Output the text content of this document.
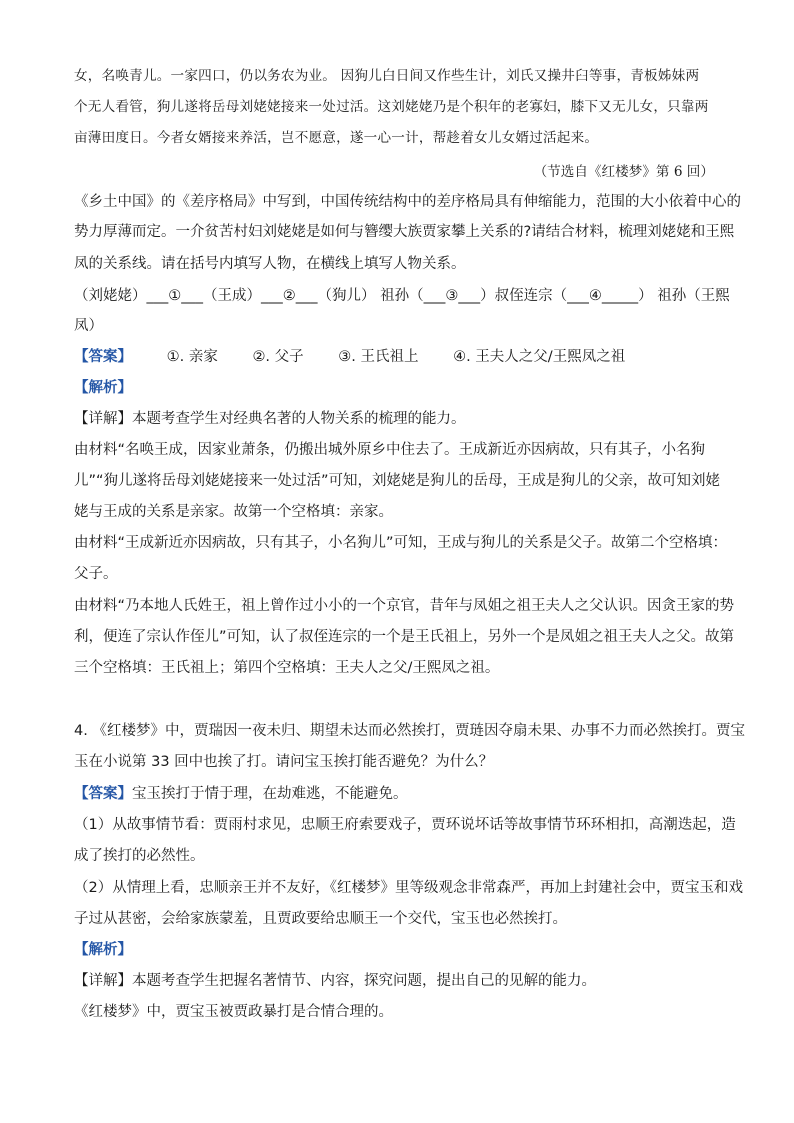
女，名唤青儿。一家四口，仍以务农为业。 因狗儿白日间又作些生计，刘氏又操井臼等事，青板姊妹两
个无人看管，狗儿遂将岳母刘姥姥接来一处过活。这刘姥姥乃是个积年的老寡妇，膝下又无儿女，只靠两
亩薄田度日。今者女婿接来养活，岂不愿意，遂一心一计，帮趁着女儿女婿过活起来。
（节选自《红楼梦》第 6 回）
《乡土中国》的《差序格局》中写到，中国传统结构中的差序格局具有伸缩能力，范围的大小依着中心的
势力厚薄而定。一介贫苦村妇刘姥姥是如何与簪缨大族贾家攀上关系的?请结合材料，梳理刘姥姥和王熙
凤的关系线。请在括号内填写人物，在横线上填写人物关系。
（刘姥姥）___①___（王成）___②___（狗儿） 祖孙（___③___）叔侄连宗（___④_____） 祖孙（王熙
凤）
【答案】 ①. 亲家 ②. 父子 ③. 王氏祖上 ④. 王夫人之父/王熙凤之祖
【解析】
【详解】本题考查学生对经典名著的人物关系的梳理的能力。
由材料“名唤王成，因家业萧条，仍搬出城外原乡中住去了。王成新近亦因病故，只有其子，小名狗
儿”“狗儿遂将岳母刘姥姥接来一处过活”可知，刘姥姥是狗儿的岳母，王成是狗儿的父亲，故可知刘姥
姥与王成的关系是亲家。故第一个空格填：亲家。
由材料“王成新近亦因病故，只有其子，小名狗儿”可知，王成与狗儿的关系是父子。故第二个空格填：
父子。
由材料“乃本地人氏姓王，祖上曾作过小小的一个京官，昔年与凤姐之祖王夫人之父认识。因贪王家的势
利，便连了宗认作侄儿”可知，认了叔侄连宗的一个是王氏祖上，另外一个是凤姐之祖王夫人之父。故第
三个空格填：王氏祖上；第四个空格填：王夫人之父/王熙凤之祖。
4. 《红楼梦》中，贾瑞因一夜未归、期望未达而必然挨打，贾琏因夺扇未果、办事不力而必然挨打。贾宝
玉在小说第 33 回中也挨了打。请问宝玉挨打能否避免？为什么？
【答案】宝玉挨打于情于理，在劫难逃，不能避免。
（1）从故事情节看：贾雨村求见，忠顺王府索要戏子，贾环说坏话等故事情节环环相扣，高潮迭起，造
成了挨打的必然性。
（2）从情理上看，忠顺亲王并不友好，《红楼梦》里等级观念非常森严，再加上封建社会中，贾宝玉和戏
子过从甚密，会给家族蒙羞，且贾政要给忠顺王一个交代，宝玉也必然挨打。
【解析】
【详解】本题考查学生把握名著情节、内容，探究问题，提出自己的见解的能力。
《红楼梦》中，贾宝玉被贾政暴打是合情合理的。
